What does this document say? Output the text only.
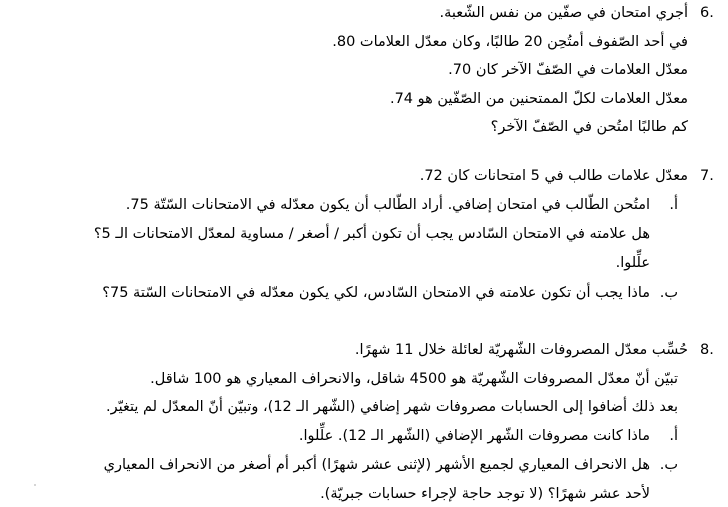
6.
أجري امتحان في صفّين من نفس الشّعبة.
في أحد الصّفوف أمتُحِن 20 طالبًا، وكان معدّل العلامات 80.
معدّل العلامات في الصّفّ الآخر كان 70.
معدّل العلامات لكلّ الممتحنين من الصّفّين هو 74.
كم طالبًا امتُحن في الصّفّ الآخر؟
7.
معدّل علامات طالب في 5 امتحانات كان 72.
أ.
امتُحن الطّالب في امتحان إضافي. أراد الطّالب أن يكون معدّله في الامتحانات السّتّة 75.
هل علامته في الامتحان السّادس يجب أن تكون أكبر / أصغر / مساوية لمعدّل الامتحانات الـ 5؟
علِّلوا.
ب.
ماذا يجب أن تكون علامته في الامتحان السّادس، لكي يكون معدّله في الامتحانات السّتة 75؟
8.
حُسِّب معدّل المصروفات الشّهريّة لعائلة خلال 11 شهرًا.
تبيّن أنّ معدّل المصروفات الشّهريّة هو 4500 شاقل، والانحراف المعياري هو 100 شاقل.
بعد ذلك أضافوا إلى الحسابات مصروفات شهر إضافي (الشّهر الـ 12)، وتبيّن أنّ المعدّل لم يتغيّر.
أ.
ماذا كانت مصروفات الشّهر الإضافي (الشّهر الـ 12). علِّلوا.
ب.
هل الانحراف المعياري لجميع الأشهر (لإثنى عشر شهرًا) أكبر أم أصغر من الانحراف المعياري
لأحد عشر شهرًا؟ (لا توجد حاجة لإجراء حسابات جبريّة).
